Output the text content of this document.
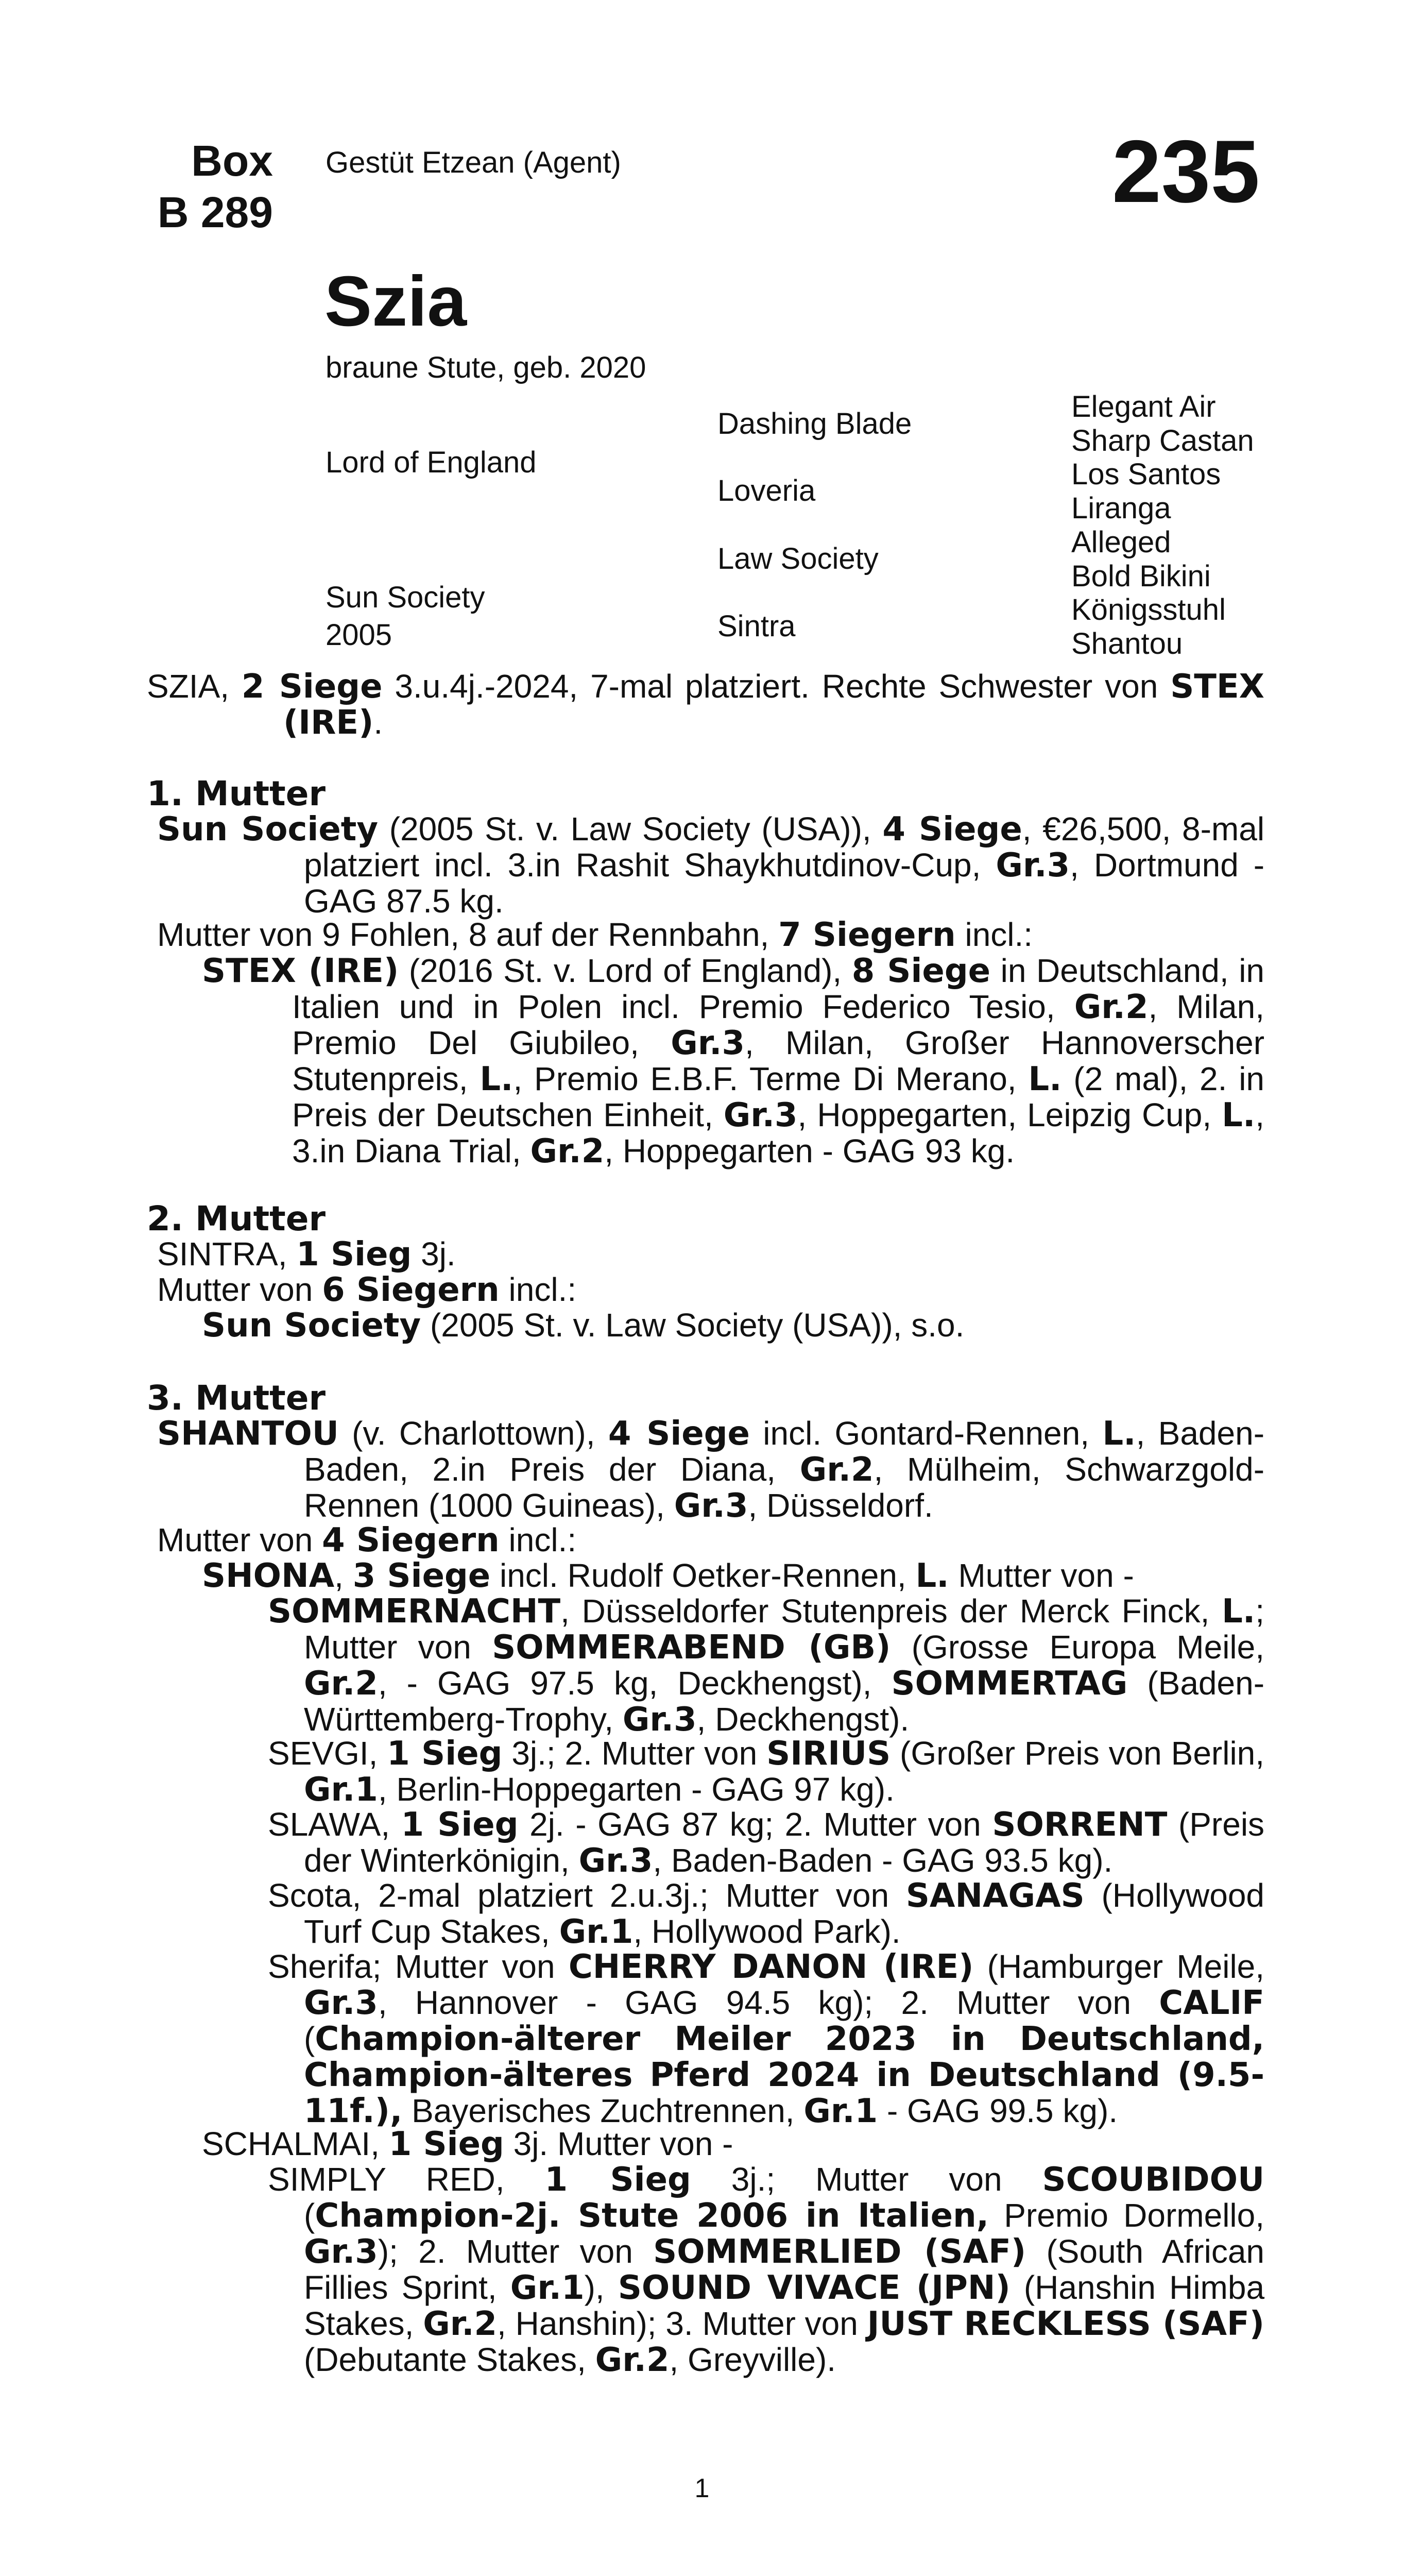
Box
B 289
Gestüt Etzean (Agent)	235
Szia
braune Stute, geb. 2020
Lord of England
Sun Society
2005
Dashing Blade
Loveria
Law Society
Sintra
Elegant Air
Sharp Castan
Los Santos
Liranga
Alleged
Bold Bikini
Königsstuhl
Shantou
SZIA, 2 Siege 3.u.4j.-2024, 7-mal platziert. Rechte Schwester von STEX (IRE).
1. Mutter
Sun Society (2005 St. v. Law Society (USA)), 4 Siege, €26,500, 8-mal platziert incl. 3.in Rashit Shaykhutdinov-Cup, Gr.3, Dortmund - GAG 87.5 kg.
Mutter von 9 Fohlen, 8 auf der Rennbahn, 7 Siegern incl.:
STEX (IRE) (2016 St. v. Lord of England), 8 Siege in Deutschland, in Italien und in Polen incl. Premio Federico Tesio, Gr.2, Milan, Premio Del Giubileo, Gr.3, Milan, Großer Hannoverscher Stutenpreis, L., Premio E.B.F. Terme Di Merano, L. (2 mal), 2. in Preis der Deutschen Einheit, Gr.3, Hoppegarten, Leipzig Cup, L., 3.in Diana Trial, Gr.2, Hoppegarten - GAG 93 kg.
2. Mutter
SINTRA, 1 Sieg 3j.
Mutter von 6 Siegern incl.:
Sun Society (2005 St. v. Law Society (USA)), s.o.
3. Mutter
SHANTOU (v. Charlottown), 4 Siege incl. Gontard-Rennen, L., Baden-Baden, 2.in Preis der Diana, Gr.2, Mülheim, Schwarzgold-Rennen (1000 Guineas), Gr.3, Düsseldorf.
Mutter von 4 Siegern incl.:
SHONA, 3 Siege incl. Rudolf Oetker-Rennen, L. Mutter von -
SOMMERNACHT, Düsseldorfer Stutenpreis der Merck Finck, L.; Mutter von SOMMERABEND (GB) (Grosse Europa Meile, Gr.2, - GAG 97.5 kg, Deckhengst), SOMMERTAG (Baden-Württemberg-Trophy, Gr.3, Deckhengst).
SEVGI, 1 Sieg 3j.; 2. Mutter von SIRIUS (Großer Preis von Berlin, Gr.1, Berlin-Hoppegarten - GAG 97 kg).
SLAWA, 1 Sieg 2j. - GAG 87 kg; 2. Mutter von SORRENT (Preis der Winterkönigin, Gr.3, Baden-Baden - GAG 93.5 kg).
Scota, 2-mal platziert 2.u.3j.; Mutter von SANAGAS (Hollywood Turf Cup Stakes, Gr.1, Hollywood Park).
Sherifa; Mutter von CHERRY DANON (IRE) (Hamburger Meile, Gr.3, Hannover - GAG 94.5 kg); 2. Mutter von CALIF (Champion-älterer Meiler 2023 in Deutschland, Champion-älteres Pferd 2024 in Deutschland (9.5-11f.), Bayerisches Zuchtrennen, Gr.1 - GAG 99.5 kg).
SCHALMAI, 1 Sieg 3j. Mutter von -
SIMPLY RED, 1 Sieg 3j.; Mutter von SCOUBIDOU (Champion-2j. Stute 2006 in Italien, Premio Dormello, Gr.3); 2. Mutter von SOMMERLIED (SAF) (South African Fillies Sprint, Gr.1), SOUND VIVACE (JPN) (Hanshin Himba Stakes, Gr.2, Hanshin); 3. Mutter von JUST RECKLESS (SAF) (Debutante Stakes, Gr.2, Greyville).
1
